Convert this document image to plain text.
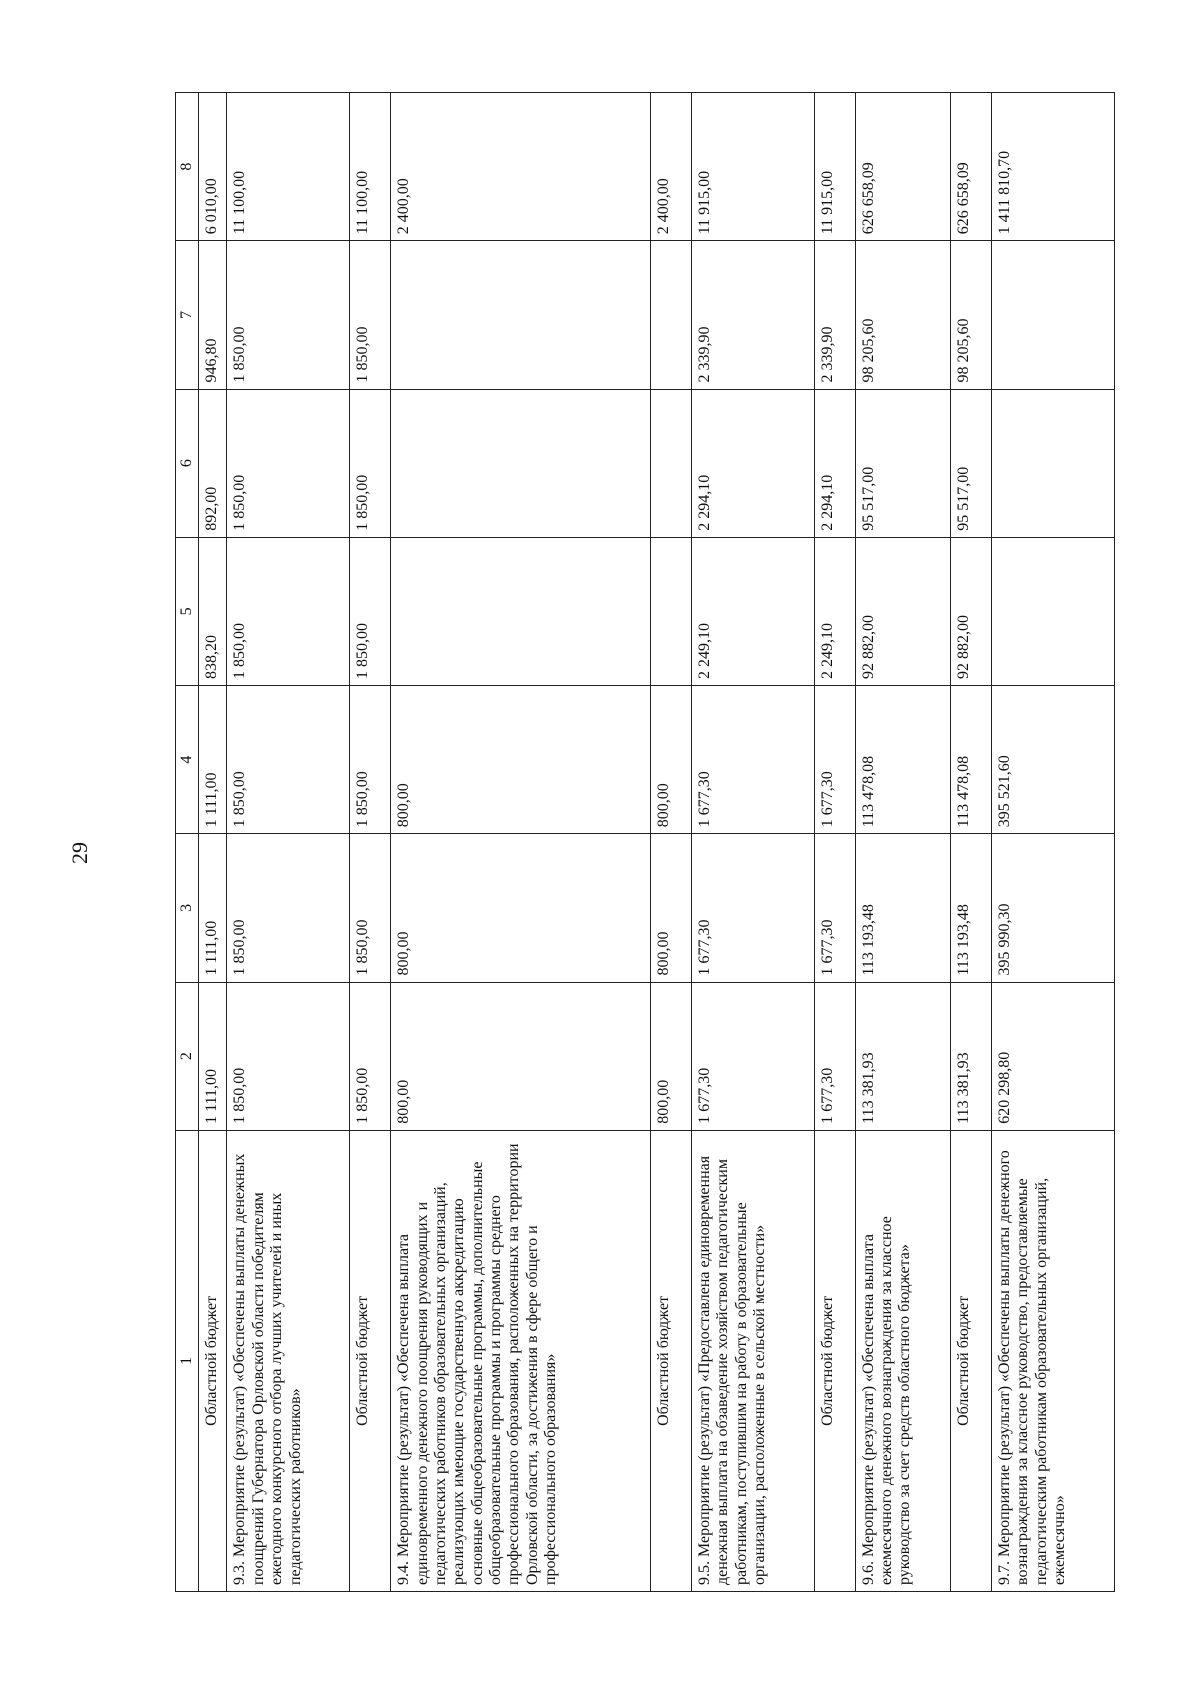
29
1	2	3	4	5	6	7	8
Областной бюджет	1 111,00	1 111,00	1 111,00	838,20	892,00	946,80	6 010,00
9.3. Мероприятие (результат) «Обеспечены выплаты денежных поощрений Губернатора Орловской области победителям ежегодного конкурсного отбора лучших учителей и иных педагогических работников»	1 850,00	1 850,00	1 850,00	1 850,00	1 850,00	1 850,00	11 100,00
Областной бюджет	1 850,00	1 850,00	1 850,00	1 850,00	1 850,00	1 850,00	11 100,00
9.4. Мероприятие (результат) «Обеспечена выплата единовременного денежного поощрения руководящих и педагогических работников образовательных организаций, реализующих имеющие государственную аккредитацию основные общеобразовательные программы, дополнительные общеобразовательные программы и программы среднего профессионального образования, расположенных на территории Орловской области, за достижения в сфере общего и профессионального образования»	800,00	800,00	800,00				2 400,00
Областной бюджет	800,00	800,00	800,00				2 400,00
9.5. Мероприятие (результат) «Предоставлена единовременная денежная выплата на обзаведение хозяйством педагогическим работникам, поступившим на работу в образовательные организации, расположенные в сельской местности»	1 677,30	1 677,30	1 677,30	2 249,10	2 294,10	2 339,90	11 915,00
Областной бюджет	1 677,30	1 677,30	1 677,30	2 249,10	2 294,10	2 339,90	11 915,00
9.6. Мероприятие (результат) «Обеспечена выплата ежемесячного денежного вознаграждения за классное руководство за счет средств областного бюджета»	113 381,93	113 193,48	113 478,08	92 882,00	95 517,00	98 205,60	626 658,09
Областной бюджет	113 381,93	113 193,48	113 478,08	92 882,00	95 517,00	98 205,60	626 658,09
9.7. Мероприятие (результат) «Обеспечены выплаты денежного вознаграждения за классное руководство, предоставляемые педагогическим работникам образовательных организаций, ежемесячно»	620 298,80	395 990,30	395 521,60				1 411 810,70
